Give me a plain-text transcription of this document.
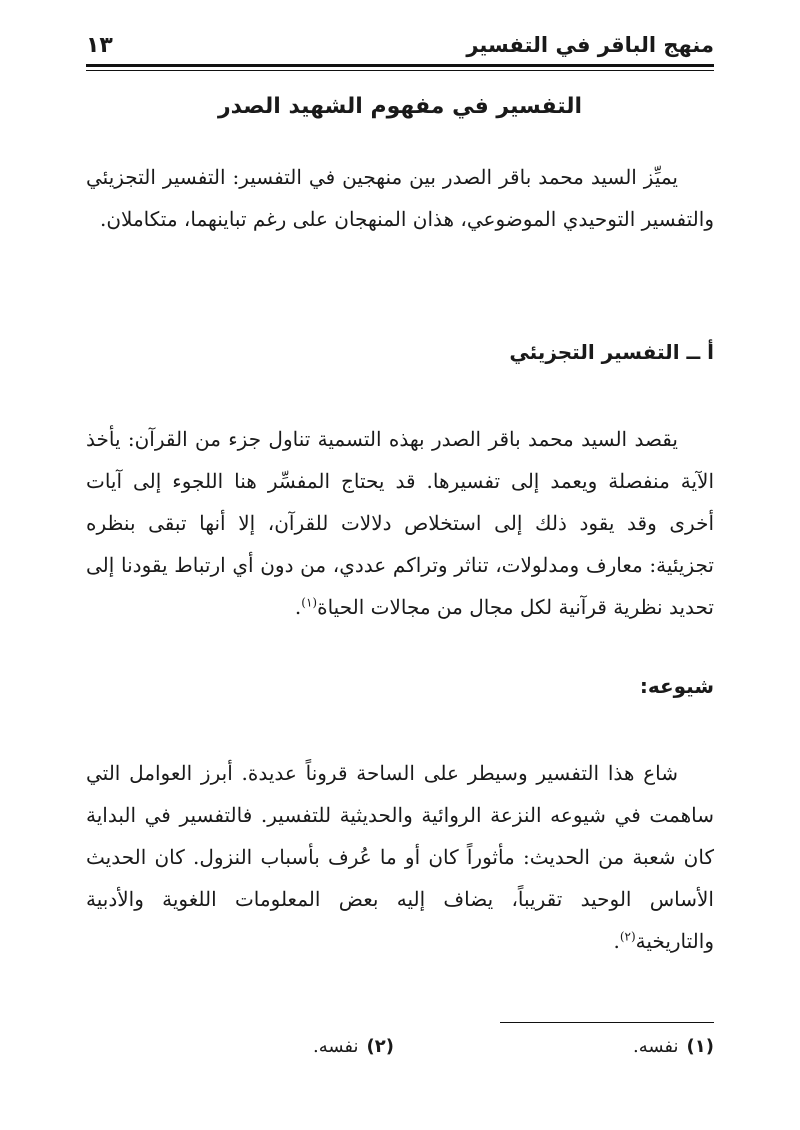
منهج الباقر في التفسير
١٣
التفسير في مفهوم الشهيد الصدر

يميِّز السيد محمد باقر الصدر بين منهجين في التفسير: التفسير التجزيئي والتفسير التوحيدي الموضوعي، هذان المنهجان على رغم تباينهما، متكاملان.

أ ــ التفسير التجزيئي

يقصد السيد محمد باقر الصدر بهذه التسمية تناول جزء من القرآن: يأخذ الآية منفصلة ويعمد إلى تفسيرها. قد يحتاج المفسِّر هنا اللجوء إلى آيات أخرى وقد يقود ذلك إلى استخلاص دلالات للقرآن، إلا أنها تبقى بنظره تجزيئية: معارف ومدلولات، تناثر وتراكم عددي، من دون أي ارتباط يقودنا إلى تحديد نظرية قرآنية لكل مجال من مجالات الحياة$^{(١)}$.

شيوعه:

شاع هذا التفسير وسيطر على الساحة قروناً عديدة. أبرز العوامل التي ساهمت في شيوعه النزعة الروائية والحديثية للتفسير. فالتفسير في البداية كان شعبة من الحديث: مأثوراً كان أو ما عُرف بأسباب النزول. كان الحديث الأساس الوحيد تقريباً، يضاف إليه بعض المعلومات اللغوية والأدبية والتاريخية$^{(٢)}$.

(١)نفسه.
(٢)نفسه.
